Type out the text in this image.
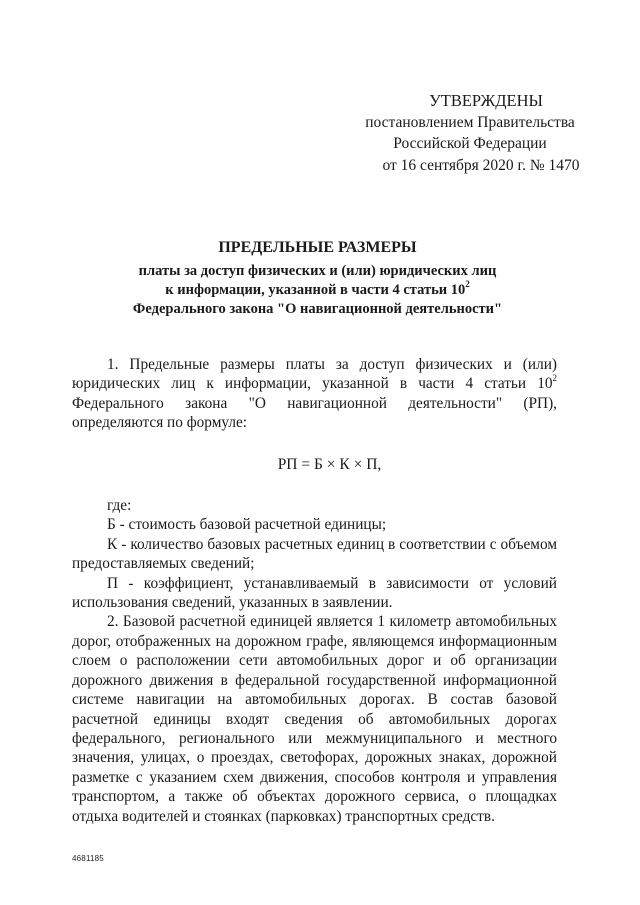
УТВЕРЖДЕНЫ
постановлением Правительства
Российской Федерации
от 16 сентября 2020 г. № 1470
ПРЕДЕЛЬНЫЕ РАЗМЕРЫ
платы за доступ физических и (или) юридических лиц
к информации, указанной в части 4 статьи $10^2$
Федерального закона "О навигационной деятельности"

1. Предельные размеры платы за доступ физических и (или) юридических лиц к информации, указанной в части 4 статьи $10^2$ Федерального закона "О навигационной деятельности" (РП), определяются по формуле:

РП = Б × К × П,

где:

Б - стоимость базовой расчетной единицы;

К - количество базовых расчетных единиц в соответствии с объемом предоставляемых сведений;

П - коэффициент, устанавливаемый в зависимости от условий использования сведений, указанных в заявлении.

2. Базовой расчетной единицей является 1 километр автомобильных дорог, отображенных на дорожном графе, являющемся информационным слоем о расположении сети автомобильных дорог и об организации дорожного движения в федеральной государственной информационной системе навигации на автомобильных дорогах. В состав базовой расчетной единицы входят сведения об автомобильных дорогах федерального, регионального или межмуниципального и местного значения, улицах, о проездах, светофорах, дорожных знаках, дорожной разметке с указанием схем движения, способов контроля и управления транспортом, а также об объектах дорожного сервиса, о площадках отдыха водителей и стоянках (парковках) транспортных средств.

4681185
